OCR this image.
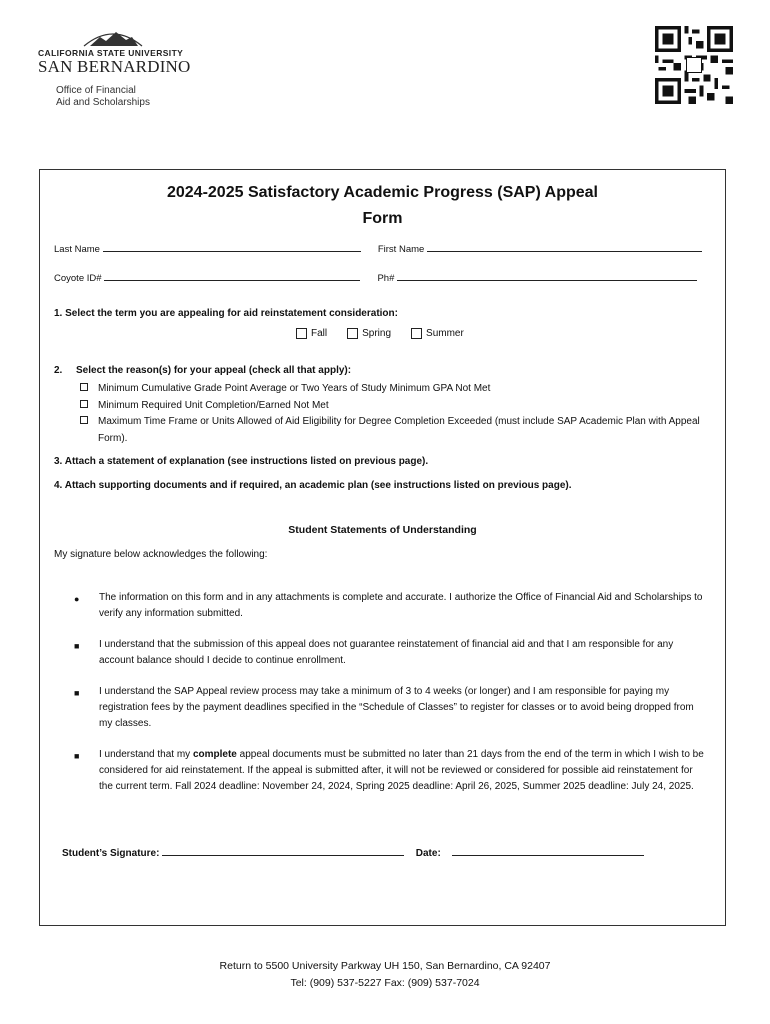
CALIFORNIA STATE UNIVERSITY
SAN BERNARDINO
Office of Financial
Aid and Scholarships
2024-2025 Satisfactory Academic Progress (SAP) Appeal
Form
Last Name	First Name
Coyote ID#	Ph#
1. Select the term you are appealing for aid reinstatement consideration:
Fall	Spring	Summer
2. Select the reason(s) for your appeal (check all that apply):
Minimum Cumulative Grade Point Average or Two Years of Study Minimum GPA Not Met
Minimum Required Unit Completion/Earned Not Met
Maximum Time Frame or Units Allowed of Aid Eligibility for Degree Completion Exceeded (must include SAP Academic Plan with Appeal Form).
3. Attach a statement of explanation (see instructions listed on previous page).
4. Attach supporting documents and if required, an academic plan (see instructions listed on previous page).
Student Statements of Understanding
My signature below acknowledges the following:
●	The information on this form and in any attachments is complete and accurate. I authorize the Office of Financial Aid and Scholarships to verify any information submitted.
■	I understand that the submission of this appeal does not guarantee reinstatement of financial aid and that I am responsible for any account balance should I decide to continue enrollment.
■	I understand the SAP Appeal review process may take a minimum of 3 to 4 weeks (or longer) and I am responsible for paying my registration fees by the payment deadlines specified in the “Schedule of Classes” to register for classes or to avoid being dropped from my classes.
■	I understand that my complete appeal documents must be submitted no later than 21 days from the end of the term in which I wish to be considered for aid reinstatement. If the appeal is submitted after, it will not be reviewed or considered for possible aid reinstatement for the current term. Fall 2024 deadline: November 24, 2024, Spring 2025 deadline: April 26, 2025, Summer 2025 deadline: July 24, 2025.
Student’s Signature:	Date:
Return to 5500 University Parkway UH 150, San Bernardino, CA 92407
Tel: (909) 537-5227 Fax: (909) 537-7024
